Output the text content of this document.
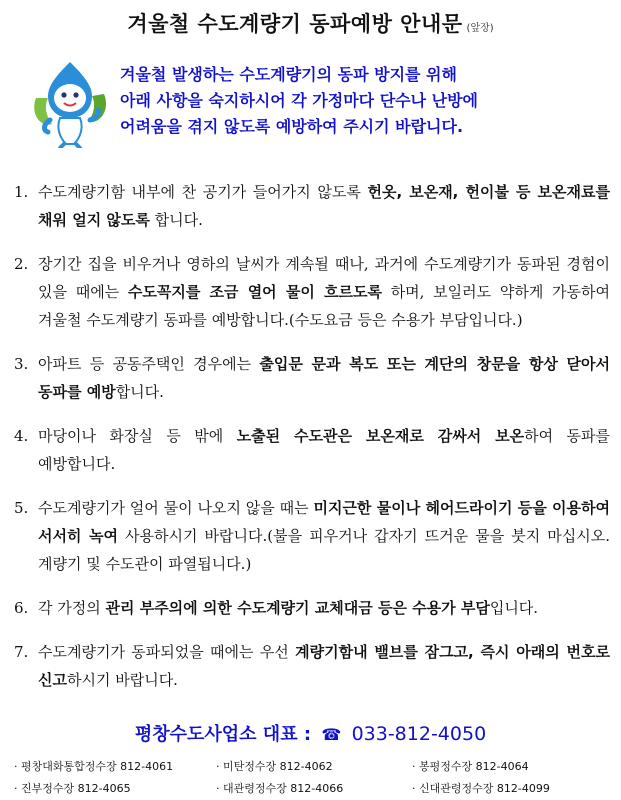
겨울철 수도계량기 동파예방 안내문 (앞장)
겨울철 발생하는 수도계량기의 동파 방지를 위해
아래 사항을 숙지하시어 각 가정마다 단수나 난방에
어려움을 겪지 않도록 예방하여 주시기 바랍니다.
1. 수도계량기함 내부에 찬 공기가 들어가지 않도록 헌옷, 보온재, 헌이불 등 보온재료를 채워 얼지 않도록 합니다.
2. 장기간 집을 비우거나 영하의 날씨가 계속될 때나, 과거에 수도계량기가 동파된 경험이 있을 때에는 수도꼭지를 조금 열어 물이 흐르도록 하며, 보일러도 약하게 가동하여 겨울철 수도계량기 동파를 예방합니다.(수도요금 등은 수용가 부담입니다.)
3. 아파트 등 공동주택인 경우에는 출입문 문과 복도 또는 계단의 창문을 항상 닫아서 동파를 예방합니다.
4. 마당이나 화장실 등 밖에 노출된 수도관은 보온재로 감싸서 보온하여 동파를 예방합니다.
5. 수도계량기가 얼어 물이 나오지 않을 때는 미지근한 물이나 헤어드라이기 등을 이용하여 서서히 녹여 사용하시기 바랍니다.(불을 피우거나 갑자기 뜨거운 물을 붓지 마십시오. 계량기 및 수도관이 파열됩니다.)
6. 각 가정의 관리 부주의에 의한 수도계량기 교체대금 등은 수용가 부담입니다.
7. 수도계량기가 동파되었을 때에는 우선 계량기함내 밸브를 잠그고, 즉시 아래의 번호로 신고하시기 바랍니다.
평창수도사업소 대표 : ☎ 033-812-4050
· 평창대화통합정수장 812-4061	· 미탄정수장 812-4062	· 봉평정수장 812-4064
· 진부정수장 812-4065	· 대관령정수장 812-4066	· 신대관령정수장 812-4099
